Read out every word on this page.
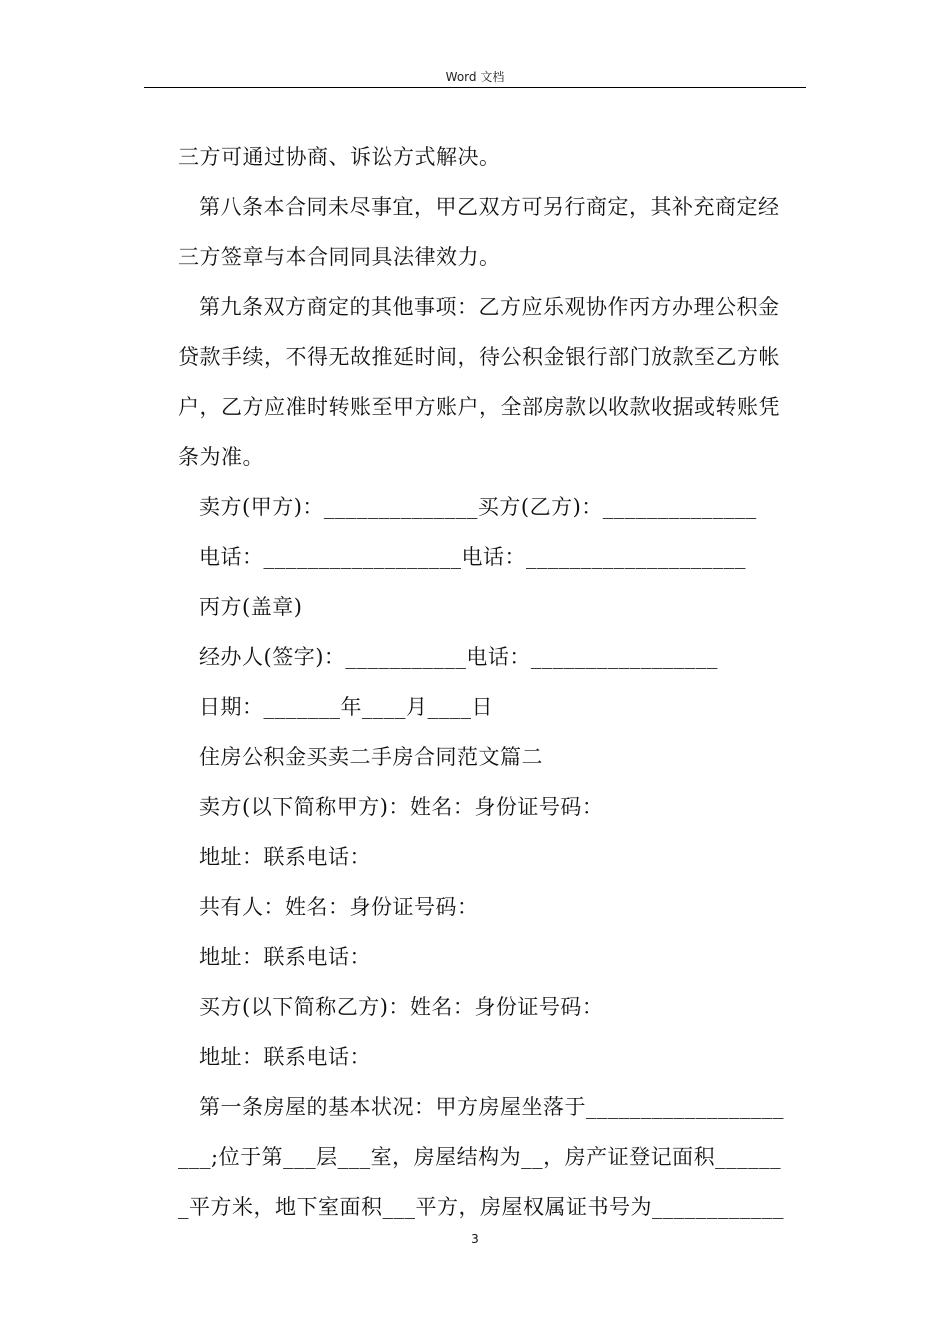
Word 文档

三方可通过协商、诉讼方式解决。

第八条本合同未尽事宜，甲乙双方可另行商定，其补充商定经

三方签章与本合同同具法律效力。

第九条双方商定的其他事项：乙方应乐观协作丙方办理公积金

贷款手续，不得无故推延时间，待公积金银行部门放款至乙方帐

户，乙方应准时转账至甲方账户，全部房款以收款收据或转账凭

条为准。

卖方(甲方)：______________买方(乙方)：______________

电话：__________________电话：____________________

丙方(盖章)

经办人(签字)：___________电话：_________________

日期：_______年____月____日

住房公积金买卖二手房合同范文篇二

卖方(以下简称甲方)：姓名：身份证号码：

地址：联系电话：

共有人：姓名：身份证号码：

地址：联系电话：

买方(以下简称乙方)：姓名：身份证号码：

地址：联系电话：

第一条房屋的基本状况：甲方房屋坐落于__________________

___;位于第___层___室，房屋结构为__，房产证登记面积______

_平方米，地下室面积___平方，房屋权属证书号为____________

3
